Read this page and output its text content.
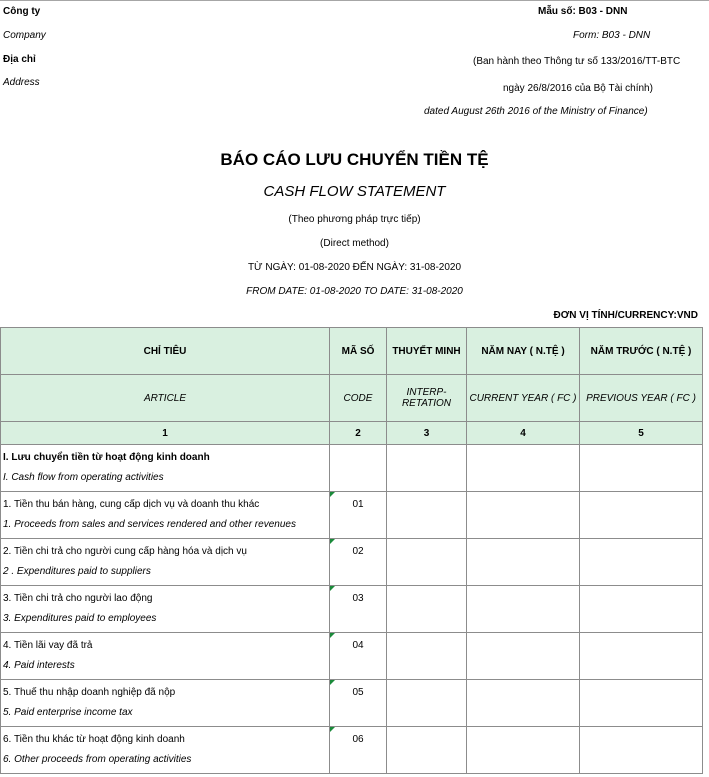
Công ty
Company
Địa chỉ
Address
Mẫu số: B03 - DNN
Form: B03 - DNN
(Ban hành theo Thông tư số 133/2016/TT-BTC
ngày 26/8/2016 của Bộ Tài chính)
dated August 26th 2016 of the Ministry of Finance)
BÁO CÁO LƯU CHUYỂN TIỀN TỆ
CASH FLOW STATEMENT
(Theo phương pháp trực tiếp)
(Direct method)
TỪ NGÀY: 01-08-2020 ĐẾN NGÀY: 31-08-2020
FROM DATE: 01-08-2020 TO DATE: 31-08-2020
ĐƠN VỊ TÍNH/CURRENCY:VND
CHỈ TIÊU	MÃ SỐ	THUYẾT MINH	NĂM NAY ( N.TỆ )	NĂM TRƯỚC ( N.TỆ )
ARTICLE	CODE	INTERP-RETATION	CURRENT YEAR ( FC )	PREVIOUS YEAR ( FC )
1	2	3	4	5

I. Lưu chuyển tiền từ hoạt động kinh doanh
I. Cash flow from operating activities				

1. Tiền thu bán hàng, cung cấp dịch vụ và doanh thu khác
1. Proceeds from sales and services rendered and other revenues	01			

2. Tiền chi trả cho người cung cấp hàng hóa và dịch vụ
2 . Expenditures paid to suppliers	02			

3. Tiền chi trả cho người lao động
3. Expenditures paid to employees	03			

4. Tiền lãi vay đã trả
4. Paid interests	04			

5. Thuế thu nhập doanh nghiệp đã nộp
5. Paid enterprise income tax	05			

6. Tiền thu khác từ hoạt động kinh doanh
6. Other proceeds from operating activities	06			
